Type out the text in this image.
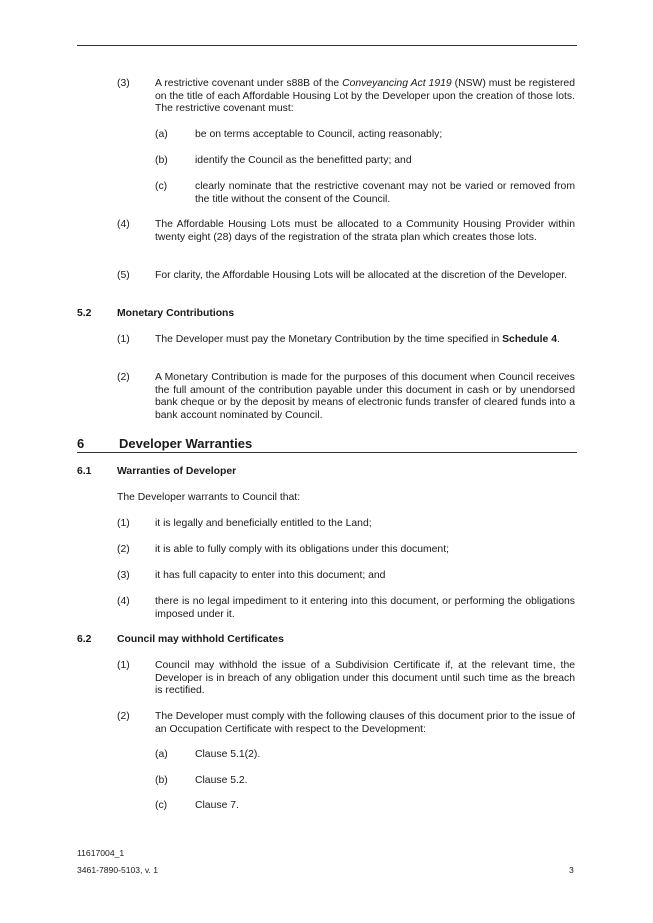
(3) A restrictive covenant under s88B of the Conveyancing Act 1919 (NSW) must be registered on the title of each Affordable Housing Lot by the Developer upon the creation of those lots. The restrictive covenant must:
(a)	be on terms acceptable to Council, acting reasonably;
(b)	identify the Council as the benefitted party; and
(c)	clearly nominate that the restrictive covenant may not be varied or removed from the title without the consent of the Council.
(4) The Affordable Housing Lots must be allocated to a Community Housing Provider within twenty eight (28) days of the registration of the strata plan which creates those lots.
(5) For clarity, the Affordable Housing Lots will be allocated at the discretion of the Developer.
5.2 Monetary Contributions
(1) The Developer must pay the Monetary Contribution by the time specified in Schedule 4.
(2) A Monetary Contribution is made for the purposes of this document when Council receives the full amount of the contribution payable under this document in cash or by unendorsed bank cheque or by the deposit by means of electronic funds transfer of cleared funds into a bank account nominated by Council.
6	Developer Warranties
6.1 Warranties of Developer
The Developer warrants to Council that:
(1) it is legally and beneficially entitled to the Land;
(2) it is able to fully comply with its obligations under this document;
(3) it has full capacity to enter into this document; and
(4) there is no legal impediment to it entering into this document, or performing the obligations imposed under it.
6.2 Council may withhold Certificates
(1) Council may withhold the issue of a Subdivision Certificate if, at the relevant time, the Developer is in breach of any obligation under this document until such time as the breach is rectified.
(2) The Developer must comply with the following clauses of this document prior to the issue of an Occupation Certificate with respect to the Development:
(a)	Clause 5.1(2).
(b)	Clause 5.2.
(c)	Clause 7.
11617004_1
3461-7890-5103, v. 1	3
